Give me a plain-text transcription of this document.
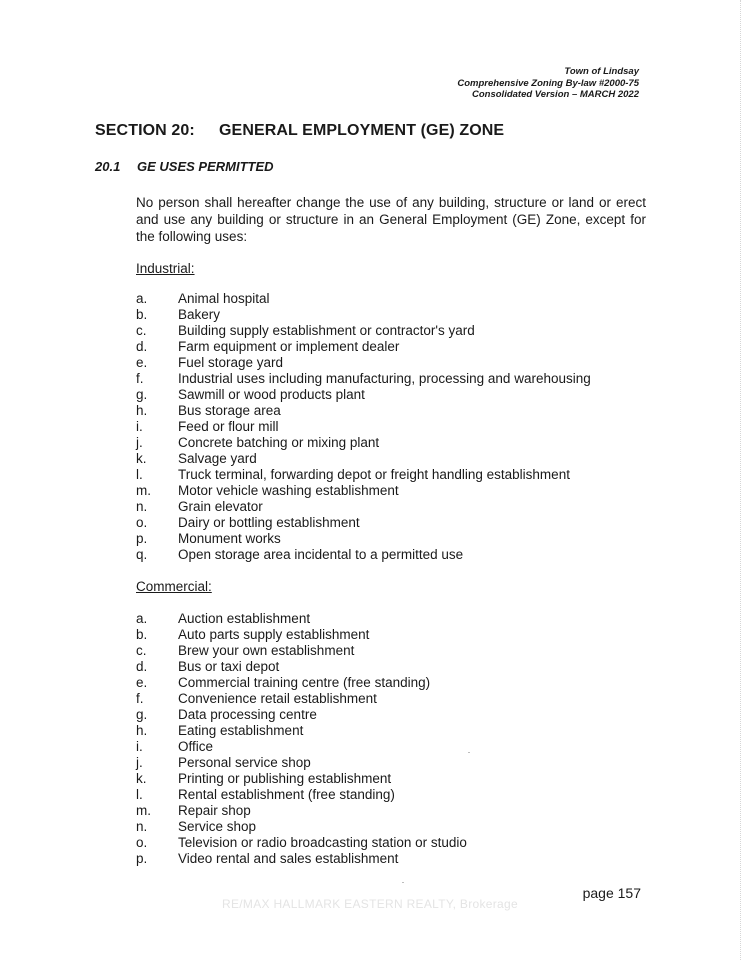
Town of Lindsay
Comprehensive Zoning By-law #2000-75
Consolidated Version – MARCH 2022
SECTION 20: GENERAL EMPLOYMENT (GE) ZONE
20.1 GE USES PERMITTED
No person shall hereafter change the use of any building, structure or land or erect and use any building or structure in an General Employment (GE) Zone, except for the following uses:
Industrial:
a. Animal hospital
b. Bakery
c. Building supply establishment or contractor's yard
d. Farm equipment or implement dealer
e. Fuel storage yard
f.	Industrial uses including manufacturing, processing and warehousing
g. Sawmill or wood products plant
h. Bus storage area
i.	Feed or flour mill
j.	Concrete batching or mixing plant
k. Salvage yard
l.	Truck terminal, forwarding depot or freight handling establishment
m. Motor vehicle washing establishment
n. Grain elevator
o. Dairy or bottling establishment
p. Monument works
q. Open storage area incidental to a permitted use
Commercial:
a. Auction establishment
b. Auto parts supply establishment
c. Brew your own establishment
d. Bus or taxi depot
e. Commercial training centre (free standing)
f.	Convenience retail establishment
g. Data processing centre
h. Eating establishment
i.	Office
j.	Personal service shop
k. Printing or publishing establishment
l.	Rental establishment (free standing)
m. Repair shop
n. Service shop
o. Television or radio broadcasting station or studio
p. Video rental and sales establishment
page 157
RE/MAX HALLMARK EASTERN REALTY, Brokerage
